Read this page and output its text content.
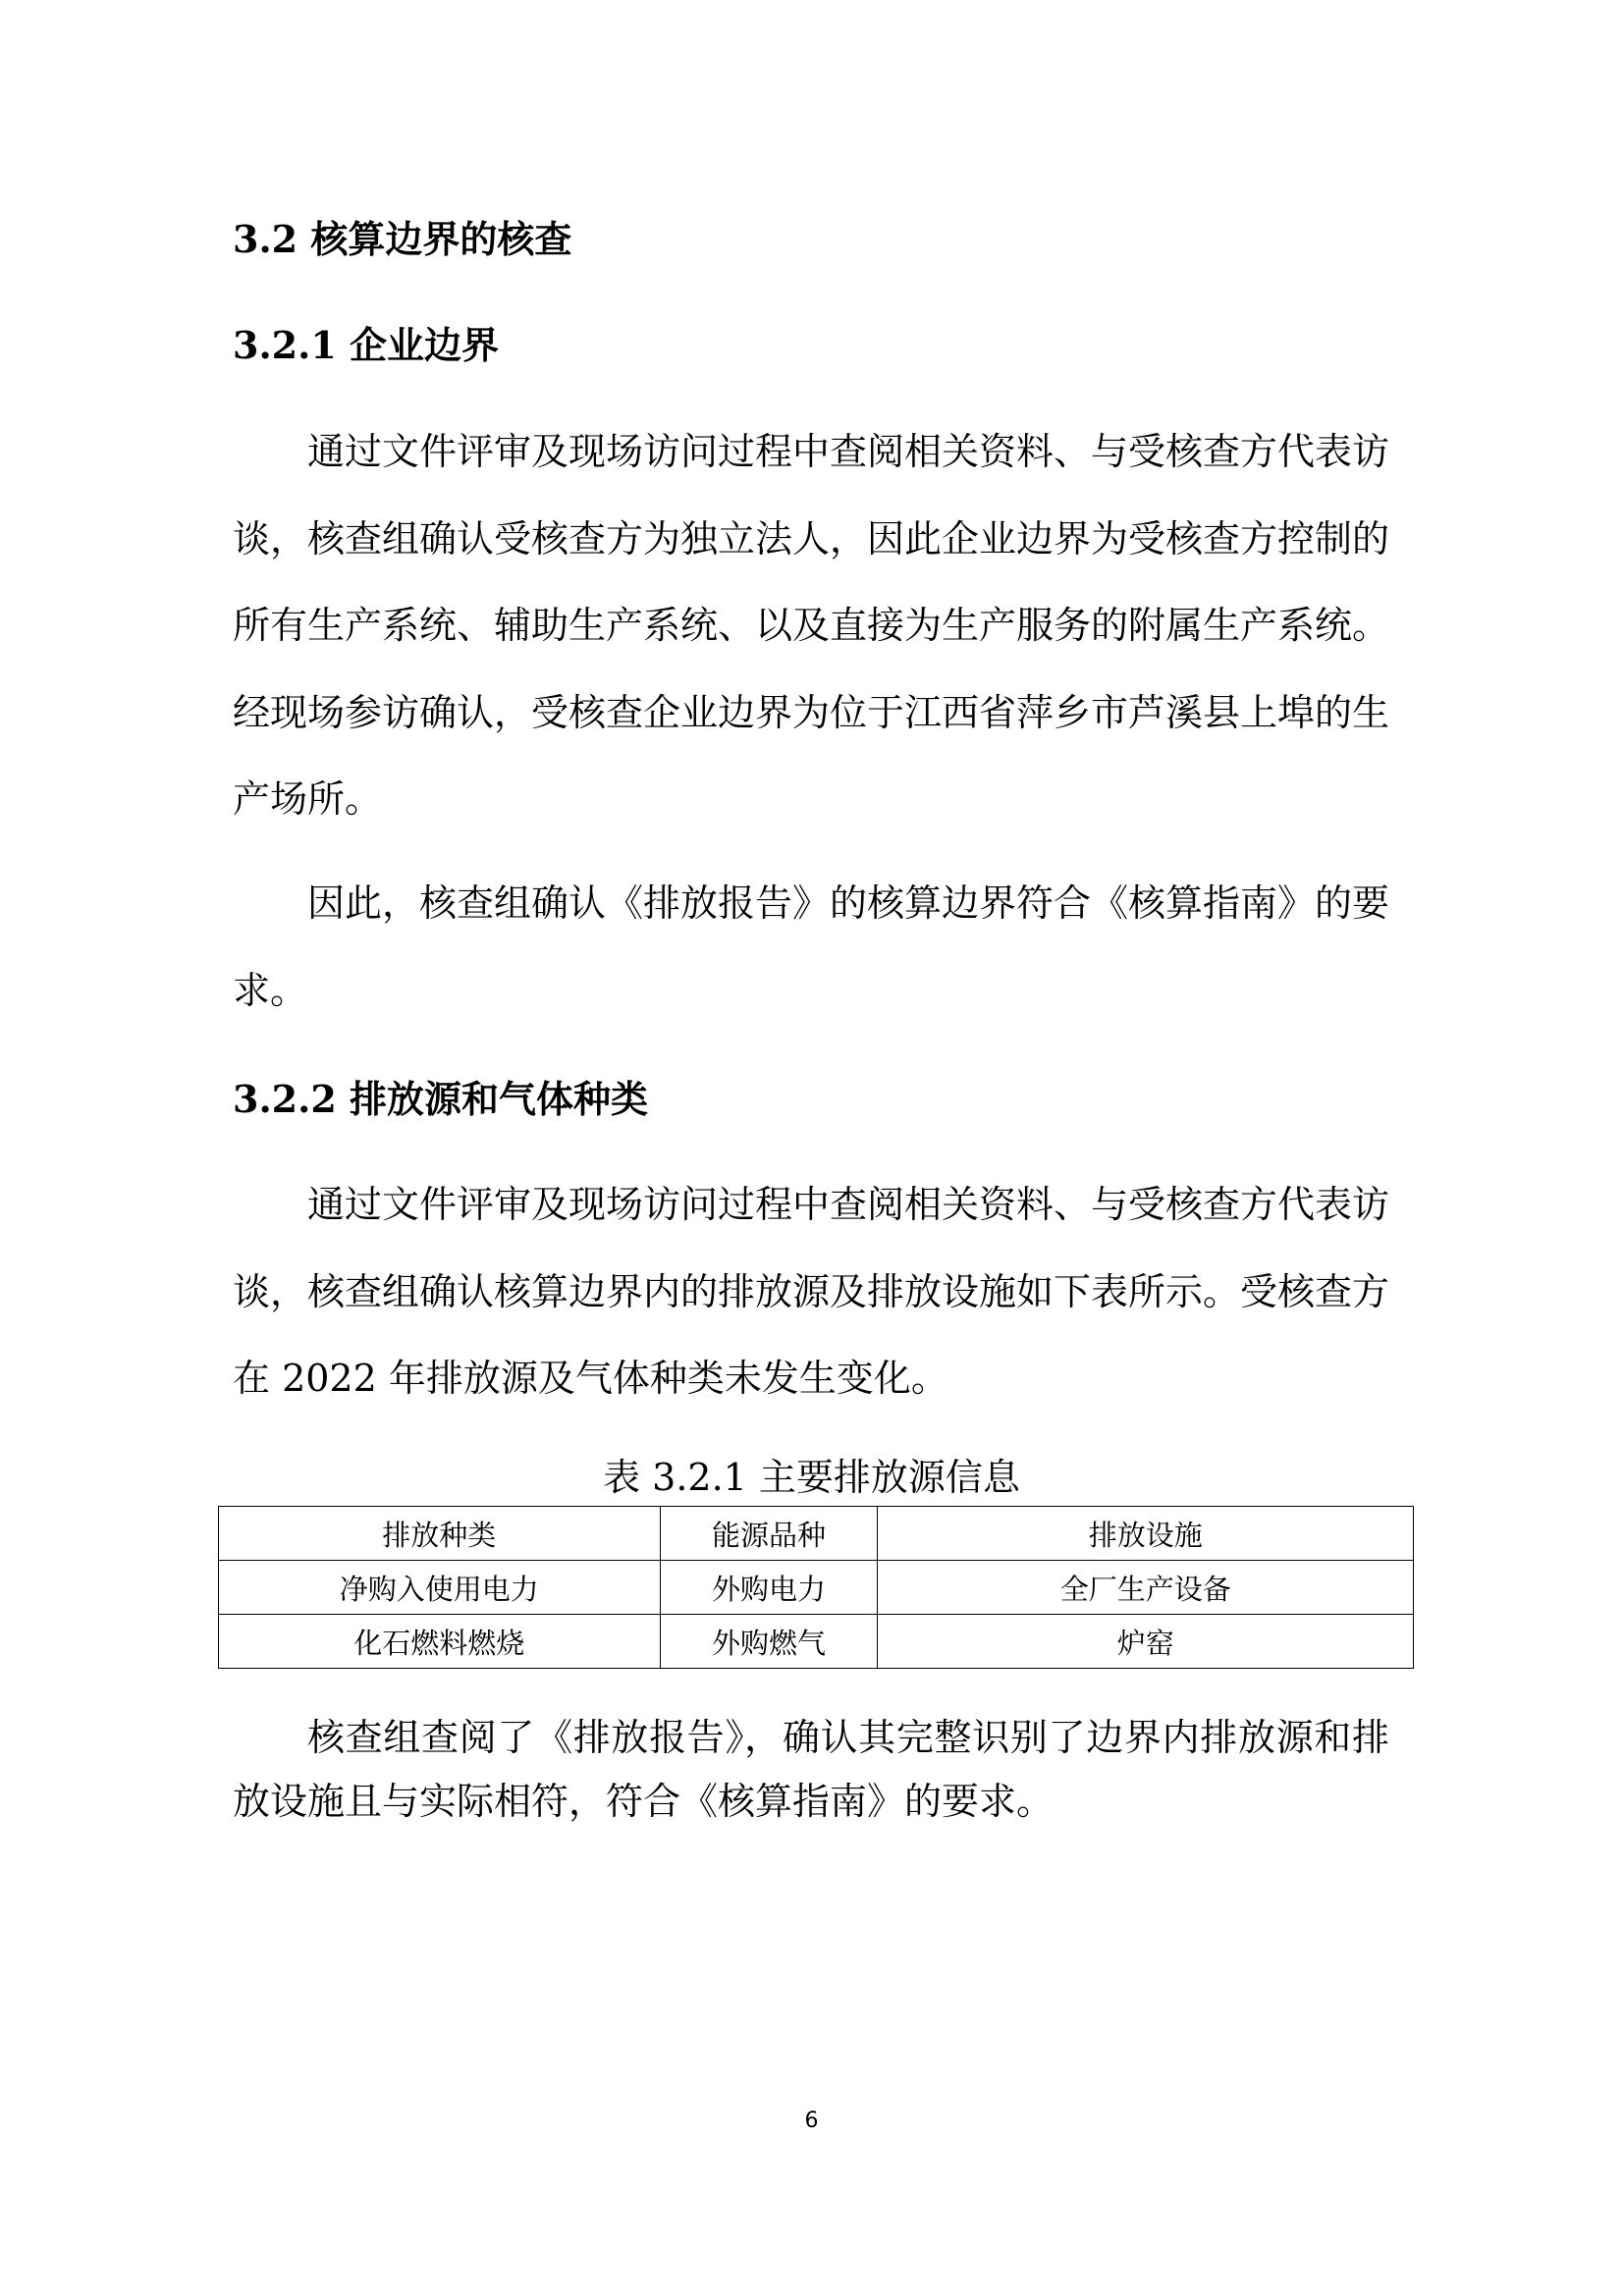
3.2 核算边界的核查
3.2.1 企业边界

通过文件评审及现场访问过程中查阅相关资料、与受核查方代表访谈，核查组确认受核查方为独立法人，因此企业边界为受核查方控制的所有生产系统、辅助生产系统、以及直接为生产服务的附属生产系统。经现场参访确认，受核查企业边界为位于江西省萍乡市芦溪县上埠的生产场所。

因此，核查组确认《排放报告》的核算边界符合《核算指南》的要求。

3.2.2 排放源和气体种类

通过文件评审及现场访问过程中查阅相关资料、与受核查方代表访谈，核查组确认核算边界内的排放源及排放设施如下表所示。受核查方在 2022 年排放源及气体种类未发生变化。

表 3.2.1 主要排放源信息
排放种类	能源品种	排放设施
净购入使用电力	外购电力	全厂生产设备
化石燃料燃烧	外购燃气	炉窑

核查组查阅了《排放报告》，确认其完整识别了边界内排放源和排放设施且与实际相符，符合《核算指南》的要求。

6
